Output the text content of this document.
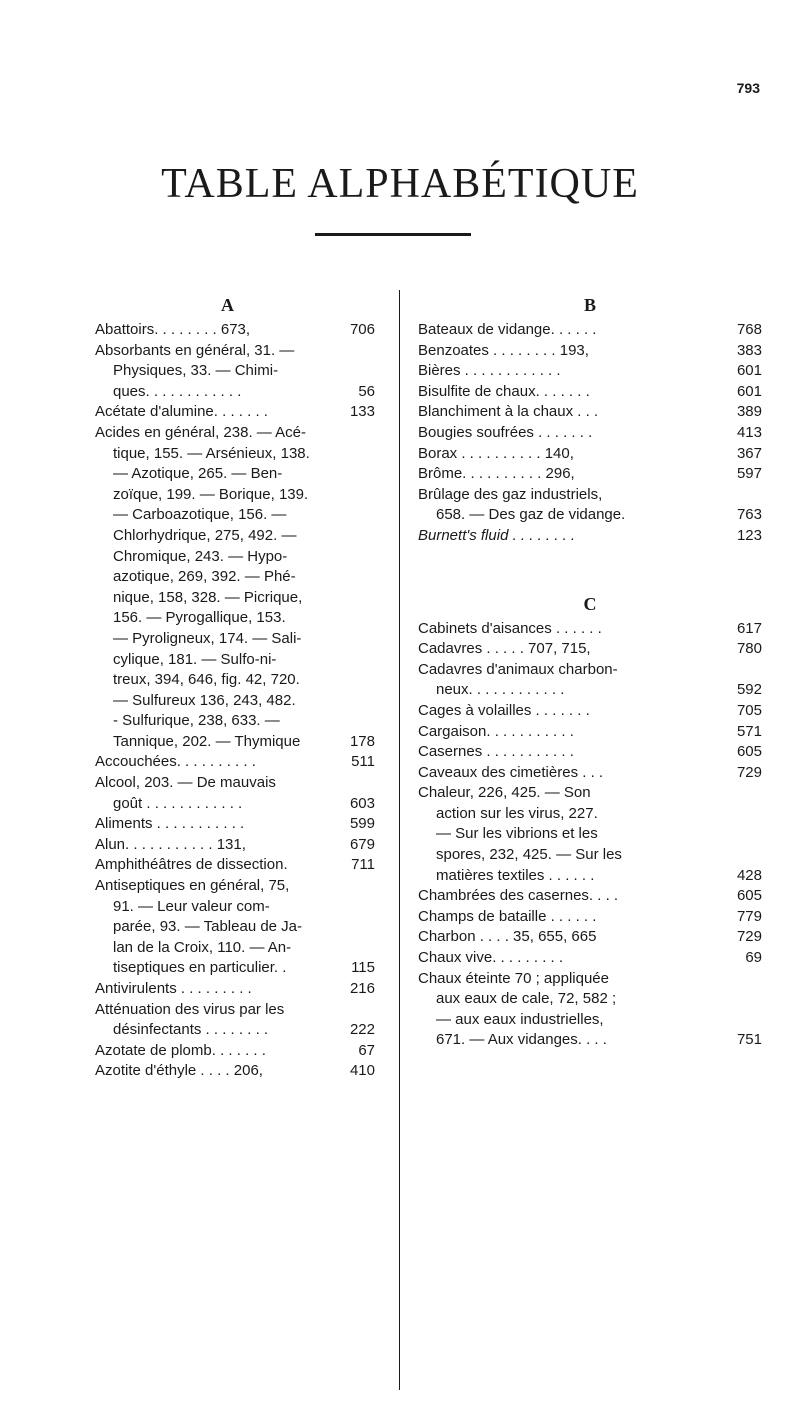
793
TABLE ALPHABÉTIQUE
A
Abattoirs. . . . . . . . 673,	706
Absorbants en général, 31. —
Physiques, 33. — Chimi-
ques. . . . . . . . . . . .	56
Acétate d'alumine. . . . . . .	133
Acides en général, 238. — Acé-
tique, 155. — Arsénieux, 138.
— Azotique, 265. — Ben-
zoïque, 199. — Borique, 139.
— Carboazotique, 156. —
Chlorhydrique, 275, 492. —
Chromique, 243. — Hypo-
azotique, 269, 392. — Phé-
nique, 158, 328. — Picrique,
156. — Pyrogallique, 153.
— Pyroligneux, 174. — Sali-
cylique, 181. — Sulfo-ni-
treux, 394, 646, fig. 42, 720.
— Sulfureux 136, 243, 482.
- Sulfurique, 238, 633. —
Tannique, 202. — Thymique	178
Accouchées. . . . . . . . . .	511
Alcool, 203. — De mauvais
goût . . . . . . . . . . . .	603
Aliments . . . . . . . . . . .	599
Alun. . . . . . . . . . . 131,	679
Amphithéâtres de dissection.	711
Antiseptiques en général, 75,
91. — Leur valeur com-
parée, 93. — Tableau de Ja-
lan de la Croix, 110. — An-
tiseptiques en particulier. .	115
Antivirulents . . . . . . . . .	216
Atténuation des virus par les
désinfectants . . . . . . . .	222
Azotate de plomb. . . . . . .	67
Azotite d'éthyle . . . . 206,	410
B
Bateaux de vidange. . . . . .	768
Benzoates . . . . . . . . 193,	383
Bières . . . . . . . . . . . .	601
Bisulfite de chaux. . . . . . .	601
Blanchiment à la chaux . . .	389
Bougies soufrées . . . . . . .	413
Borax . . . . . . . . . . 140,	367
Brôme. . . . . . . . . . 296,	597
Brûlage des gaz industriels,
658. — Des gaz de vidange.	763
Burnett's fluid . . . . . . . .	123
C
Cabinets d'aisances . . . . . .	617
Cadavres . . . . . 707, 715,	780
Cadavres d'animaux charbon-
neux. . . . . . . . . . . .	592
Cages à volailles . . . . . . .	705
Cargaison. . . . . . . . . . .	571
Casernes . . . . . . . . . . .	605
Caveaux des cimetières . . .	729
Chaleur, 226, 425. — Son
action sur les virus, 227.
— Sur les vibrions et les
spores, 232, 425. — Sur les
matières textiles . . . . . .	428
Chambrées des casernes. . . .	605
Champs de bataille . . . . . .	779
Charbon . . . . 35, 655, 665	729
Chaux vive. . . . . . . . .	69
Chaux éteinte 70 ; appliquée
aux eaux de cale, 72, 582 ;
— aux eaux industrielles,
671. — Aux vidanges. . . .	751
